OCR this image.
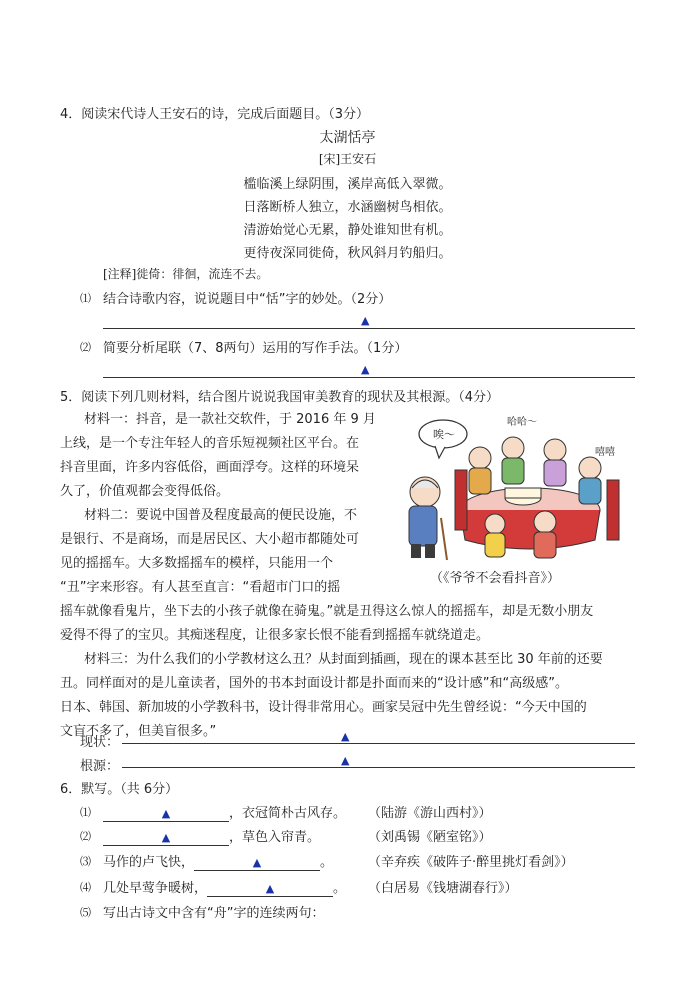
4．阅读宋代诗人王安石的诗，完成后面题目。（3分）
太湖恬亭
[宋]王安石
槛临溪上绿阴围，溪岸高低入翠微。
日落断桥人独立，水涵幽树鸟相依。
清游始觉心无累，静处谁知世有机。
更待夜深同徙倚，秋风斜月钓船归。
[注释]徙倚：徘徊，流连不去。
⑴ 结合诗歌内容，说说题目中“恬”字的妙处。（2分）
▲
⑵ 简要分析尾联（7、8两句）运用的写作手法。（1分）
▲
5．阅读下列几则材料，结合图片说说我国审美教育的现状及其根源。（4分）
材料一：抖音，是一款社交软件，于 2016 年 9 月
上线，是一个专注年轻人的音乐短视频社区平台。在
抖音里面，许多内容低俗，画面浮夸。这样的环境呆
久了，价值观都会变得低俗。
材料二：要说中国普及程度最高的便民设施，不
是银行、不是商场，而是居民区、大小超市都随处可
见的摇摇车。大多数摇摇车的模样，只能用一个
“丑”字来形容。有人甚至直言：“看超市门口的摇
摇车就像看鬼片，坐下去的小孩子就像在骑鬼。”就是丑得这么惊人的摇摇车，却是无数小朋友
爱得不得了的宝贝。其痴迷程度，让很多家长恨不能看到摇摇车就绕道走。
材料三：为什么我们的小学教材这么丑？从封面到插画，现在的课本甚至比 30 年前的还要
丑。同样面对的是儿童读者，国外的书本封面设计都是扑面而来的“设计感”和“高级感”。
日本、韩国、新加坡的小学教科书，设计得非常用心。画家吴冠中先生曾经说：“今天中国的
文盲不多了，但美盲很多。”
唉～
哈哈～
嘻嘻
（《爷爷不会看抖音》）
现状：	▲
根源：	▲
6．默写。（共 6分）
⑴	▲	，衣冠简朴古风存。 （陆游《游山西村》）
⑵	▲	，草色入帘青。	（刘禹锡《陋室铭》）
⑶ 马作的卢飞快，	▲	。	（辛弃疾《破阵子·醉里挑灯看剑》）
⑷ 几处早莺争暖树，	▲	。 （白居易《钱塘湖春行》）
⑸ 写出古诗文中含有“舟”字的连续两句：
